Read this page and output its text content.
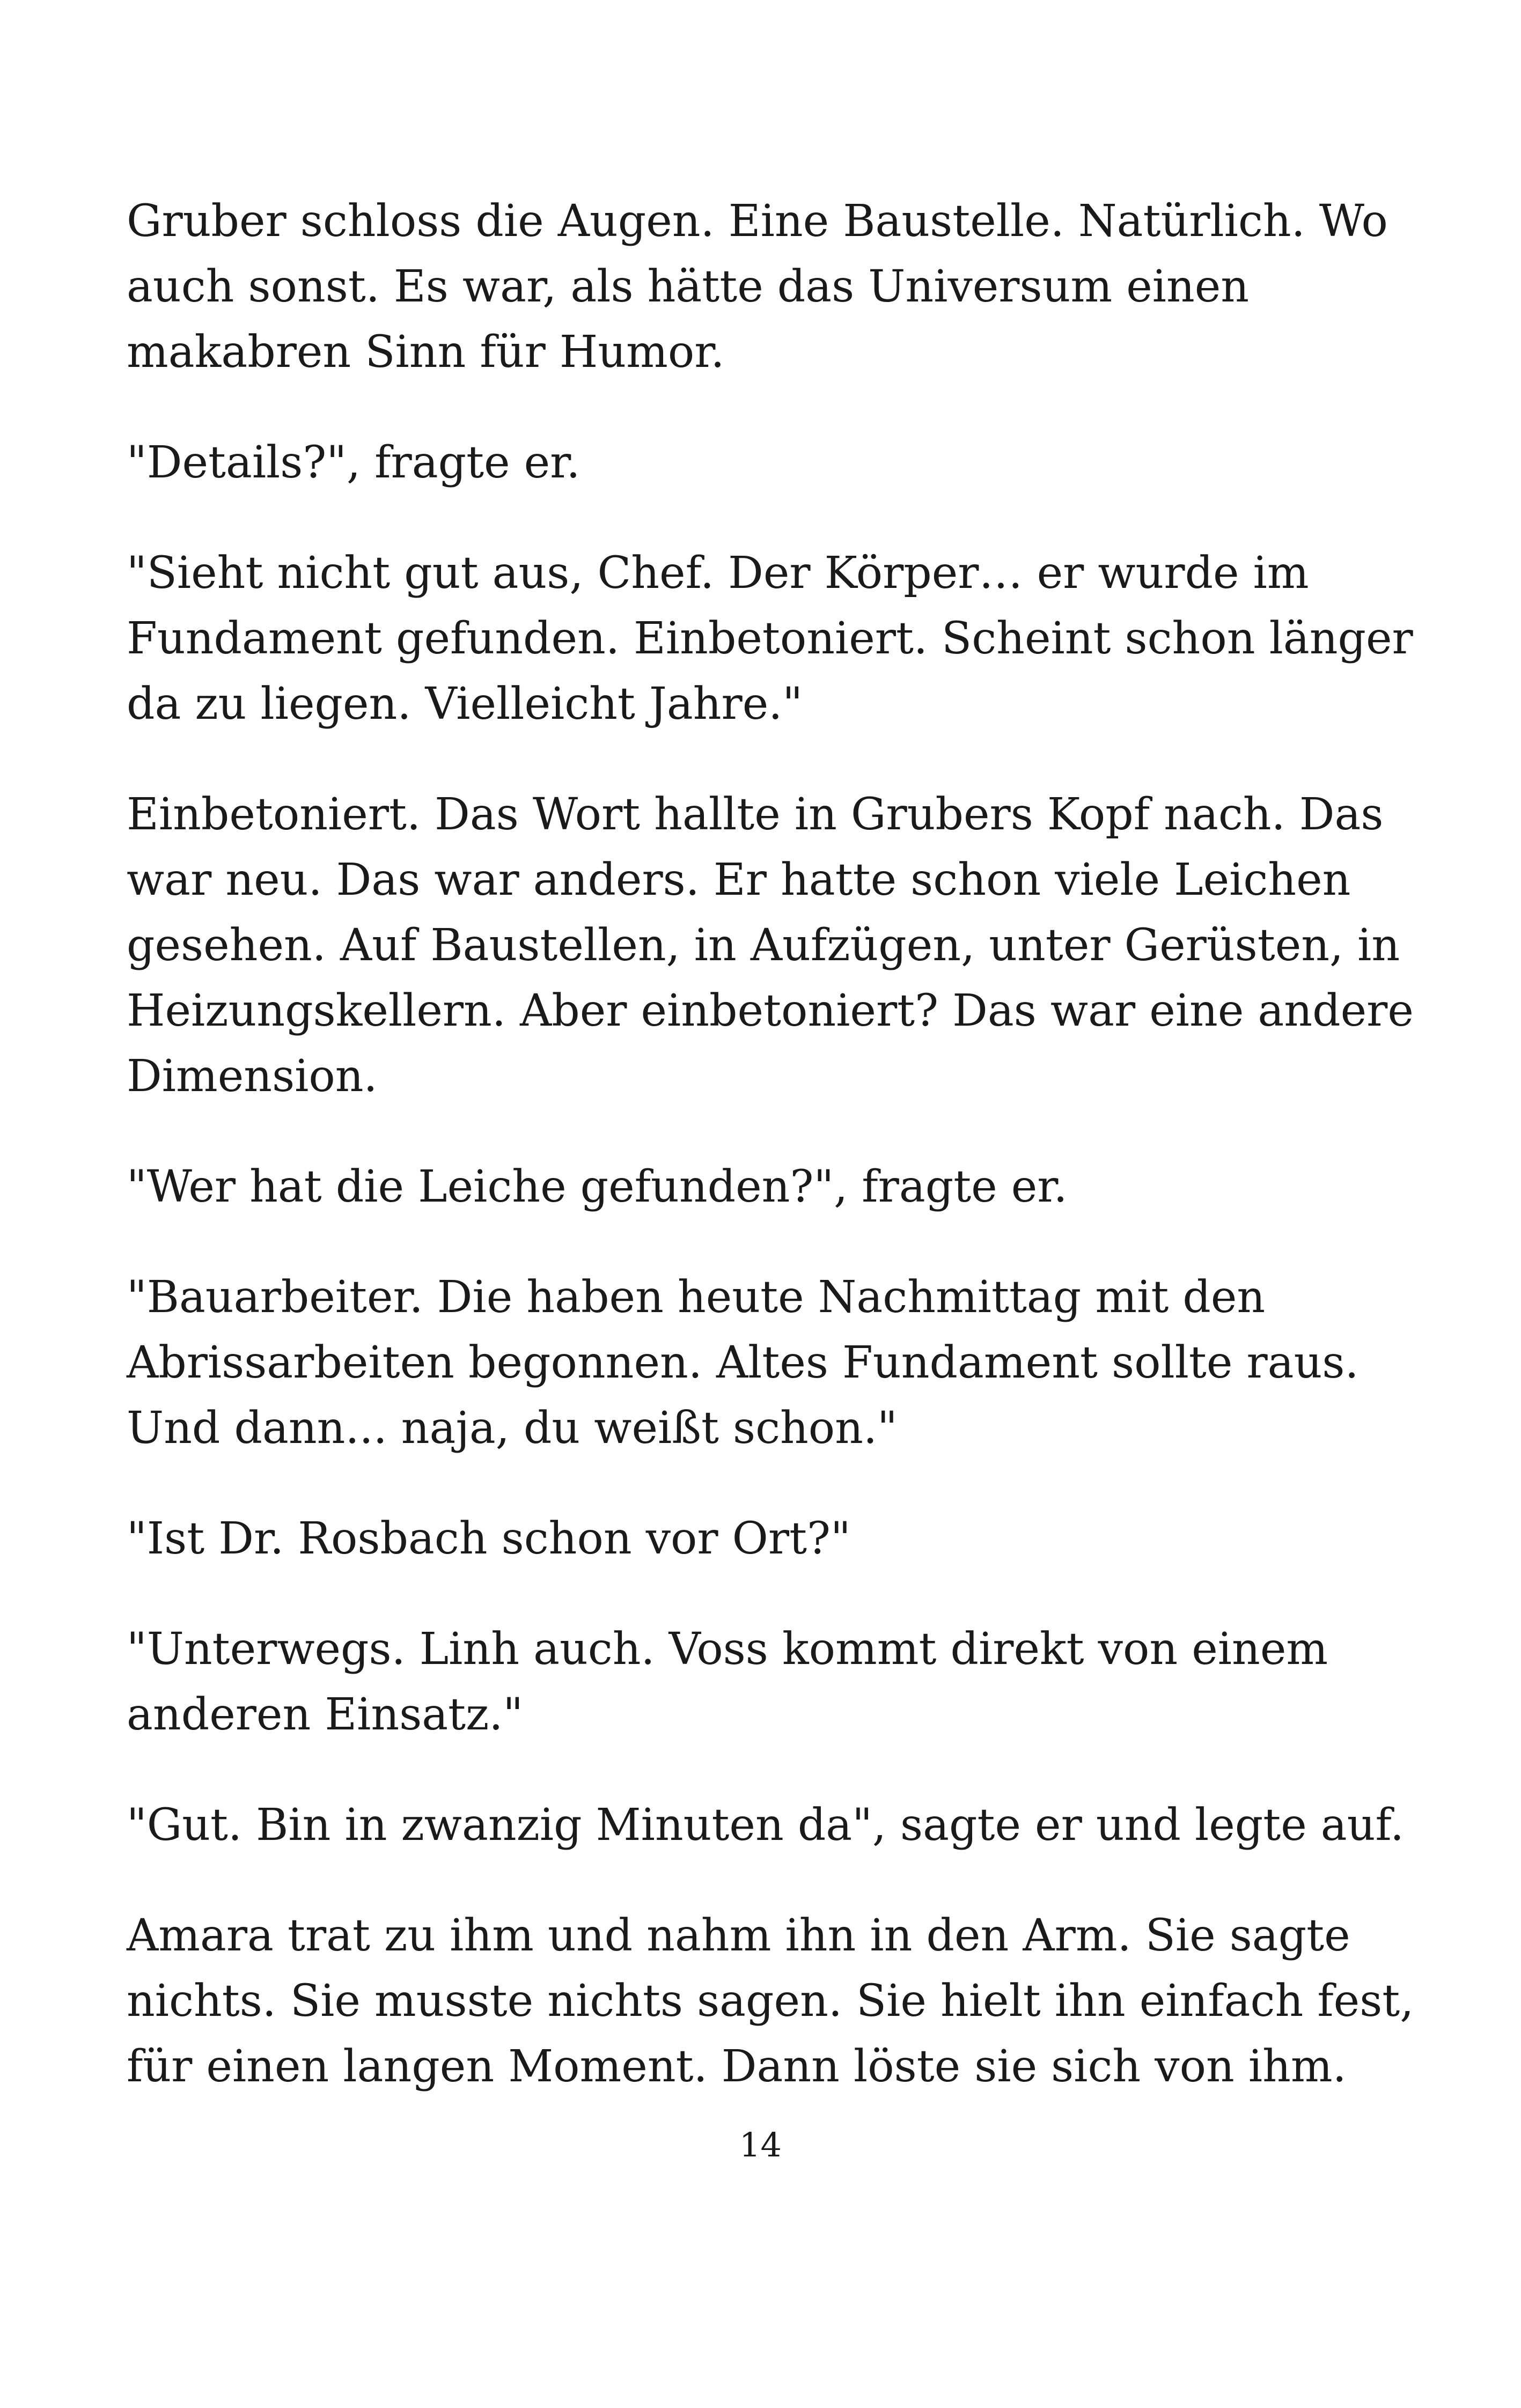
Gruber schloss die Augen. Eine Baustelle. Natürlich. Wo auch sonst. Es war, als hätte das Universum einen makabren Sinn für Humor.

"Details?", fragte er.

"Sieht nicht gut aus, Chef. Der Körper… er wurde im Fundament gefunden. Einbetoniert. Scheint schon länger da zu liegen. Vielleicht Jahre."

Einbetoniert. Das Wort hallte in Grubers Kopf nach. Das war neu. Das war anders. Er hatte schon viele Leichen gesehen. Auf Baustellen, in Aufzügen, unter Gerüsten, in Heizungskellern. Aber einbetoniert? Das war eine andere Dimension.

"Wer hat die Leiche gefunden?", fragte er.

"Bauarbeiter. Die haben heute Nachmittag mit den Abrissarbeiten begonnen. Altes Fundament sollte raus. Und dann... naja, du weißt schon."

"Ist Dr. Rosbach schon vor Ort?"

"Unterwegs. Linh auch. Voss kommt direkt von einem anderen Einsatz."

"Gut. Bin in zwanzig Minuten da", sagte er und legte auf.

Amara trat zu ihm und nahm ihn in den Arm. Sie sagte nichts. Sie musste nichts sagen. Sie hielt ihn einfach fest, für einen langen Moment. Dann löste sie sich von ihm.

14
